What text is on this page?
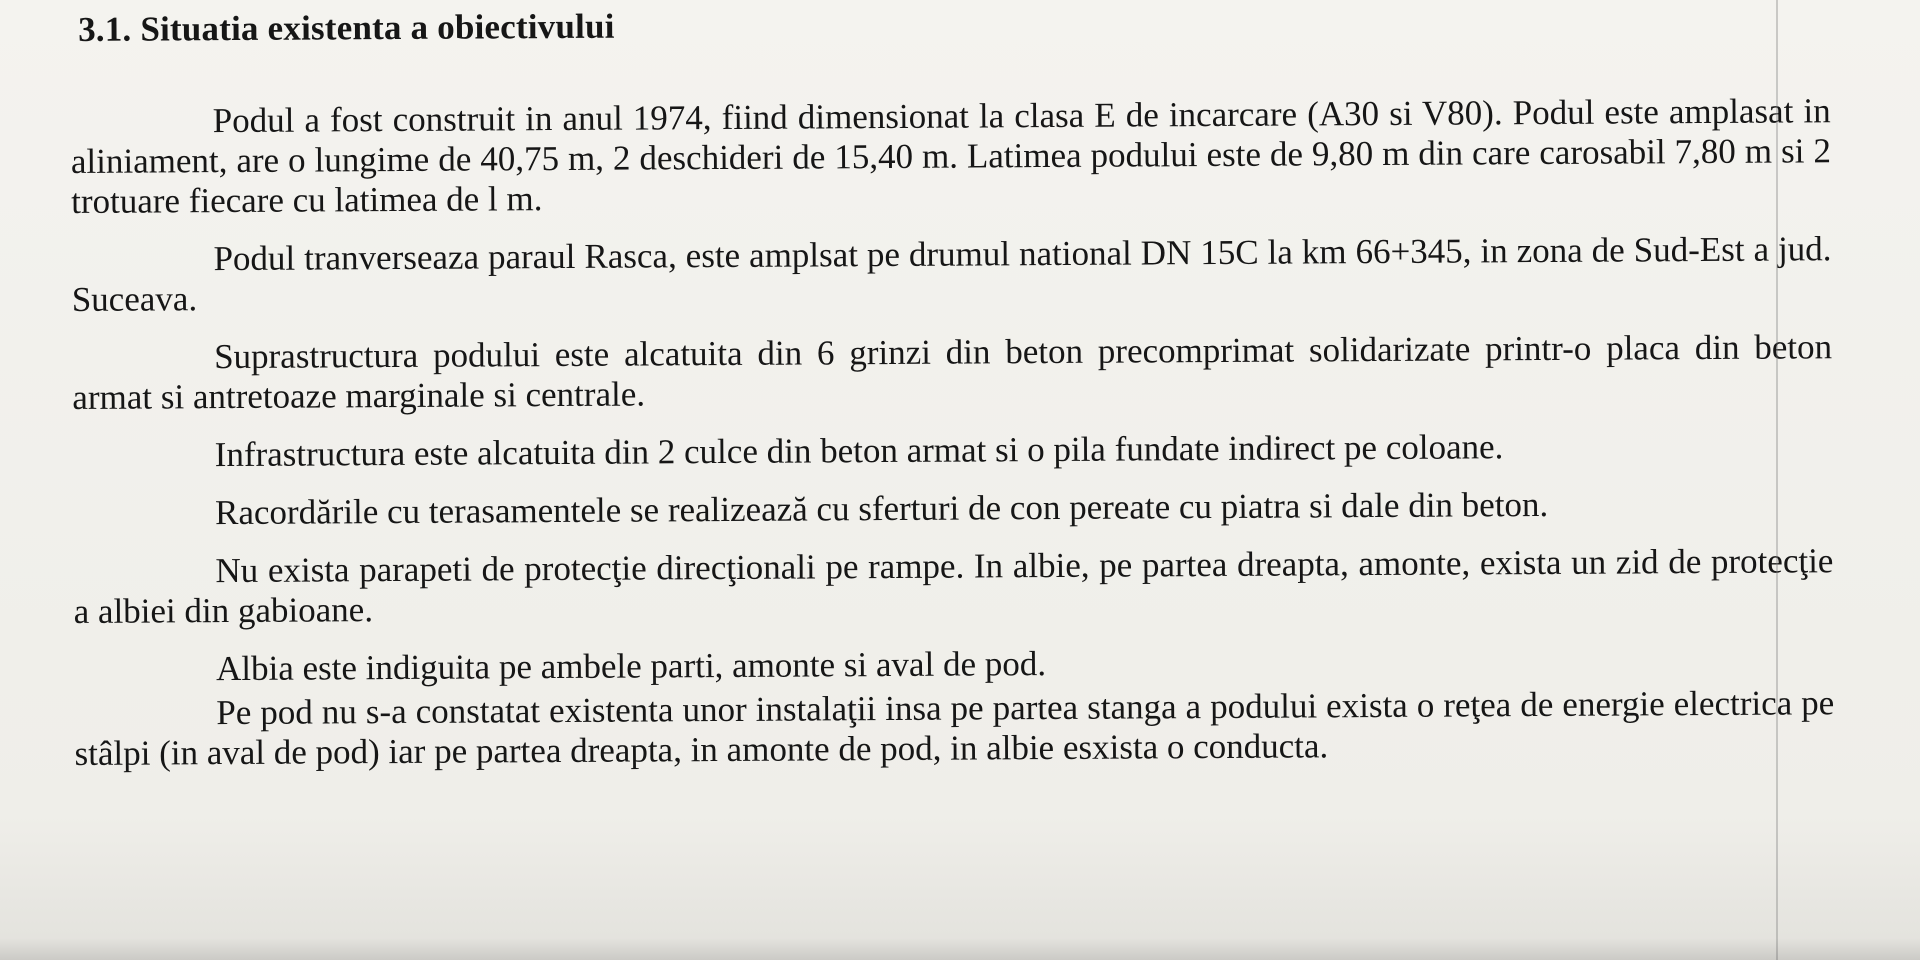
3.1. Situatia existenta a obiectivului

Podul a fost construit in anul 1974, fiind dimensionat la clasa E de incarcare (A30 si V80). Podul este amplasat in aliniament, are o lungime de 40,75 m, 2 deschideri de 15,40 m. Latimea podului este de 9,80 m din care carosabil 7,80 m si 2 trotuare fiecare cu latimea de l m.

Podul tranverseaza paraul Rasca, este amplsat pe drumul national DN 15C la km 66+345, in zona de Sud-Est a jud. Suceava.

Suprastructura podului este alcatuita din 6 grinzi din beton precomprimat solidarizate printr-o placa din beton armat si antretoaze marginale si centrale.

Infrastructura este alcatuita din 2 culce din beton armat si o pila fundate indirect pe coloane.

Racordările cu terasamentele se realizează cu sferturi de con pereate cu piatra si dale din beton.

Nu exista parapeti de protecţie direcţionali pe rampe. In albie, pe partea dreapta, amonte, exista un zid de protecţie a albiei din gabioane.

Albia este indiguita pe ambele parti, amonte si aval de pod.

Pe pod nu s-a constatat existenta unor instalaţii insa pe partea stanga a podului exista o reţea de energie electrica pe stâlpi (in aval de pod) iar pe partea dreapta, in amonte de pod, in albie esxista o conducta.
